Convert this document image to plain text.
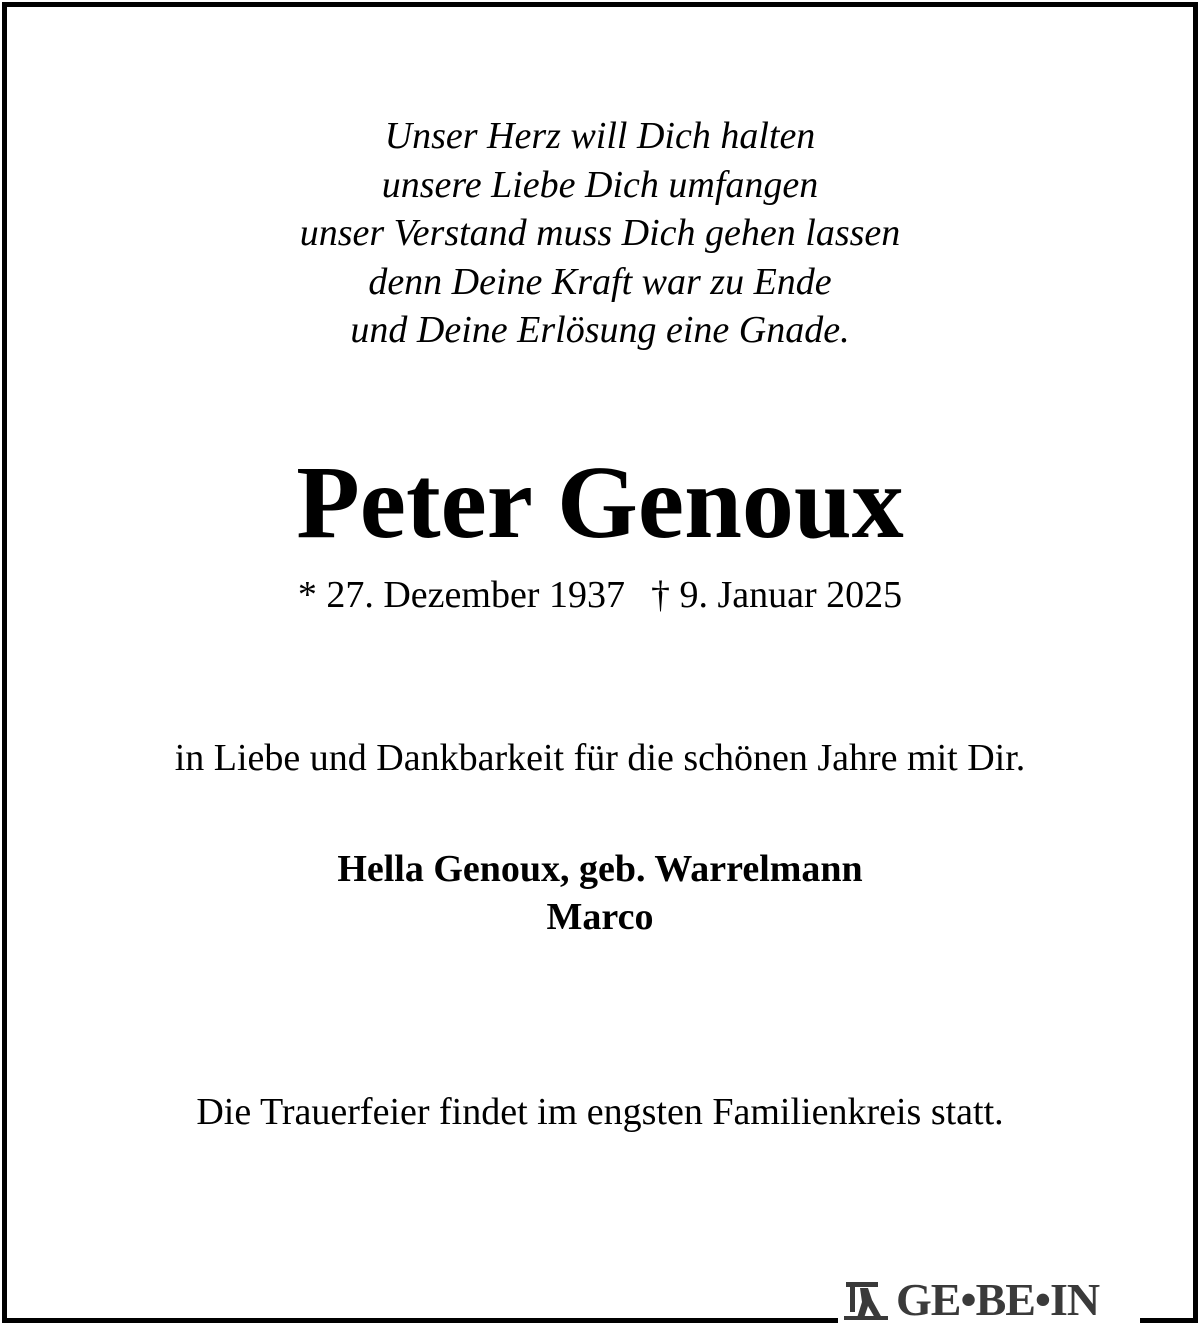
Unser Herz will Dich halten
unsere Liebe Dich umfangen
unser Verstand muss Dich gehen lassen
denn Deine Kraft war zu Ende
und Deine Erlösung eine Gnade.
Peter Genoux
* 27. Dezember 1937 † 9. Januar 2025
in Liebe und Dankbarkeit für die schönen Jahre mit Dir.
Hella Genoux, geb. Warrelmann
Marco
Die Trauerfeier findet im engsten Familienkreis statt.
GE•BE•IN
